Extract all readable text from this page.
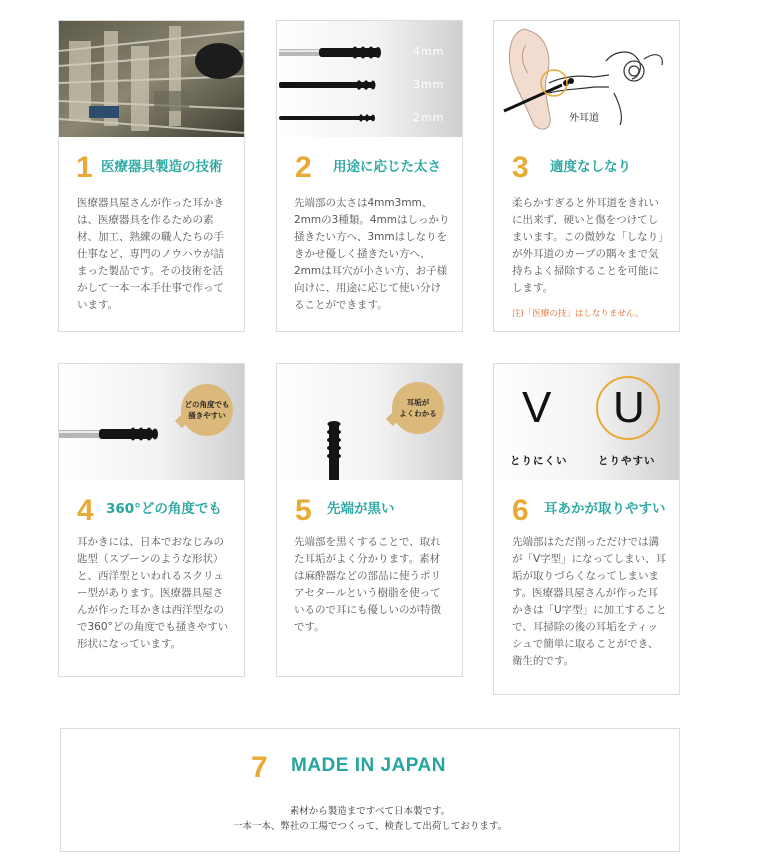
1 医療器具製造の技術
医療器具屋さんが作った耳かきは、医療器具を作るための素材、加工、熟練の職人たちの手仕事など、専門のノウハウが詰まった製品です。その技術を活かして一本一本手仕事で作っています。
4mm
3mm
2mm
2 用途に応じた太さ
先端部の太さは4mm3mm、2mmの3種類。4mmはしっかり掻きたい方へ、3mmはしなりをきかせ優しく掻きたい方へ、2mmは耳穴が小さい方、お子様向けに、用途に応じて使い分けることができます。
外耳道
3 適度なしなり
柔らかすぎると外耳道をきれいに出来ず、硬いと傷をつけてしまいます。この微妙な「しなり」が外耳道のカーブの隅々まで気持ちよく掃除することを可能にします。
注)「医療の技」はしなりません。
どの角度でも
掻きやすい
4 360°どの角度でも
耳かきには、日本でおなじみの匙型（スプーンのような形状）と、西洋型といわれるスクリュー型があります。医療器具屋さんが作った耳かきは西洋型なので360°どの角度でも掻きやすい形状になっています。
耳垢が
よくわかる
5 先端が黒い
先端部を黒くすることで、取れた耳垢がよく分かります。素材は麻酔器などの部品に使うポリアセタールという樹脂を使っているので耳にも優しいのが特徴です。
V U
とりにくい	とりやすい
6 耳あかが取りやすい
先端部はただ削っただけでは溝が「V字型」になってしまい、耳垢が取りづらくなってしまいます。医療器具屋さんが作った耳かきは「U字型」に加工することで、耳掃除の後の耳垢をティッシュで簡単に取ることができ、衛生的です。
7 MADE IN JAPAN
素材から製造まですべて日本製です。
一本一本、弊社の工場でつくって、検査して出荷しております。
